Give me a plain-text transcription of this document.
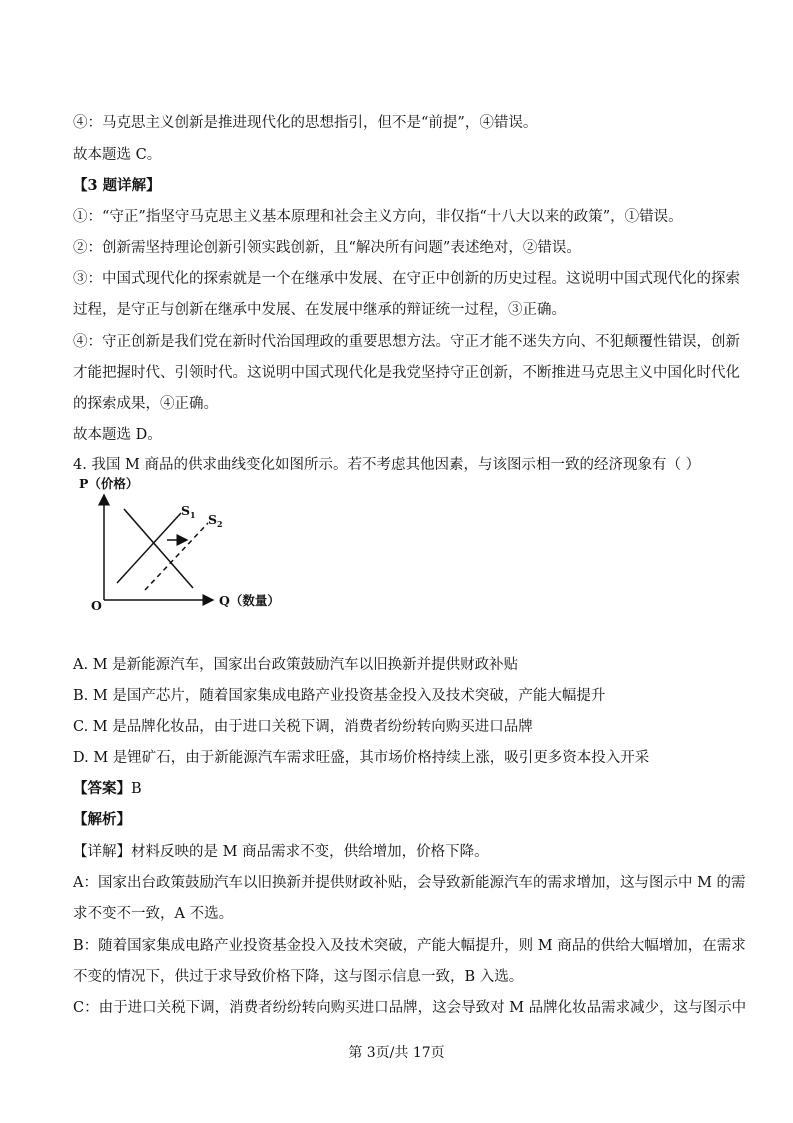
④：马克思主义创新是推进现代化的思想指引，但不是“前提”，④错误。
故本题选 C。
【3 题详解】
①：“守正”指坚守马克思主义基本原理和社会主义方向，非仅指“十八大以来的政策”，①错误。
②：创新需坚持理论创新引领实践创新，且“解决所有问题”表述绝对，②错误。
③：中国式现代化的探索就是一个在继承中发展、在守正中创新的历史过程。这说明中国式现代化的探索
过程，是守正与创新在继承中发展、在发展中继承的辩证统一过程，③正确。
④：守正创新是我们党在新时代治国理政的重要思想方法。守正才能不迷失方向、不犯颠覆性错误，创新
才能把握时代、引领时代。这说明中国式现代化是我党坚持守正创新，不断推进马克思主义中国化时代化
的探索成果，④正确。
故本题选 D。
4. 我国 M 商品的供求曲线变化如图所示。若不考虑其他因素，与该图示相一致的经济现象有（ ）
P（价格）
Q（数量）
O
$S_1$ $S_2$
A. M 是新能源汽车，国家出台政策鼓励汽车以旧换新并提供财政补贴
B. M 是国产芯片，随着国家集成电路产业投资基金投入及技术突破，产能大幅提升
C. M 是品牌化妆品，由于进口关税下调，消费者纷纷转向购买进口品牌
D. M 是锂矿石，由于新能源汽车需求旺盛，其市场价格持续上涨，吸引更多资本投入开采
【答案】B
【解析】
【详解】材料反映的是 M 商品需求不变，供给增加，价格下降。
A：国家出台政策鼓励汽车以旧换新并提供财政补贴，会导致新能源汽车的需求增加，这与图示中 M 的需
求不变不一致，A 不选。
B：随着国家集成电路产业投资基金投入及技术突破，产能大幅提升，则 M 商品的供给大幅增加，在需求
不变的情况下，供过于求导致价格下降，这与图示信息一致，B 入选。
C：由于进口关税下调，消费者纷纷转向购买进口品牌，这会导致对 M 品牌化妆品需求减少，这与图示中
第 3页/共 17页
